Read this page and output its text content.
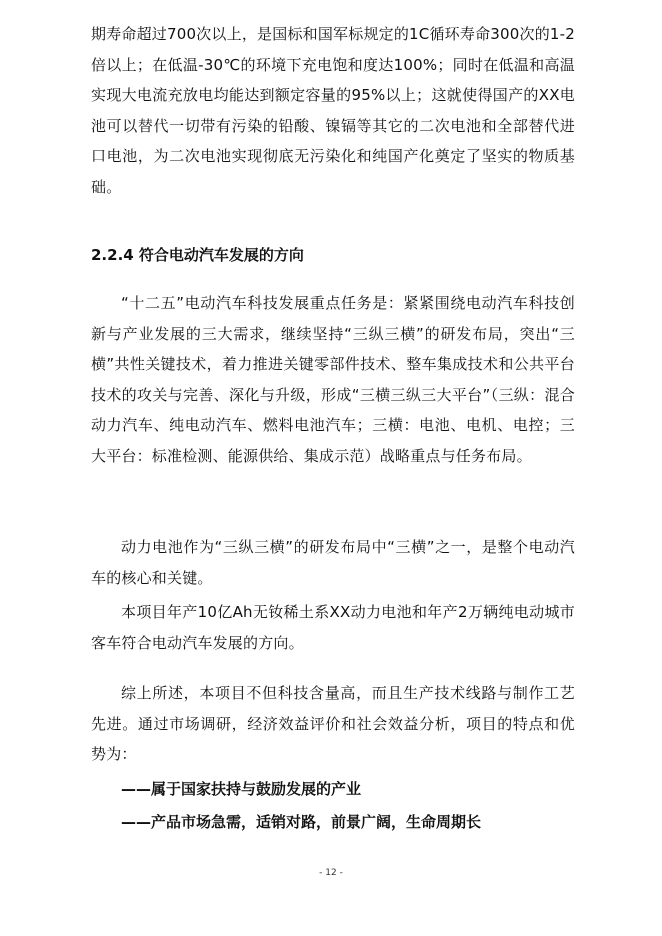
期寿命超过700次以上，是国标和国军标规定的1C循环寿命300次的1-2倍以上；在低温-30℃的环境下充电饱和度达100%；同时在低温和高温实现大电流充放电均能达到额定容量的95%以上；这就使得国产的XX电池可以替代一切带有污染的铅酸、镍镉等其它的二次电池和全部替代进口电池，为二次电池实现彻底无污染化和纯国产化奠定了坚实的物质基础。

2.2.4 符合电动汽车发展的方向

“十二五”电动汽车科技发展重点任务是：紧紧围绕电动汽车科技创新与产业发展的三大需求，继续坚持“三纵三横”的研发布局，突出“三横”共性关键技术，着力推进关键零部件技术、整车集成技术和公共平台技术的攻关与完善、深化与升级，形成“三横三纵三大平台”（三纵：混合动力汽车、纯电动汽车、燃料电池汽车；三横：电池、电机、电控；三大平台：标准检测、能源供给、集成示范）战略重点与任务布局。

动力电池作为“三纵三横”的研发布局中“三横”之一，是整个电动汽车的核心和关键。

本项目年产10亿Ah无钕稀土系XX动力电池和年产2万辆纯电动城市客车符合电动汽车发展的方向。

综上所述，本项目不但科技含量高，而且生产技术线路与制作工艺先进。通过市场调研，经济效益评价和社会效益分析，项目的特点和优势为：

——属于国家扶持与鼓励发展的产业

——产品市场急需，适销对路，前景广阔，生命周期长

- 12 -
